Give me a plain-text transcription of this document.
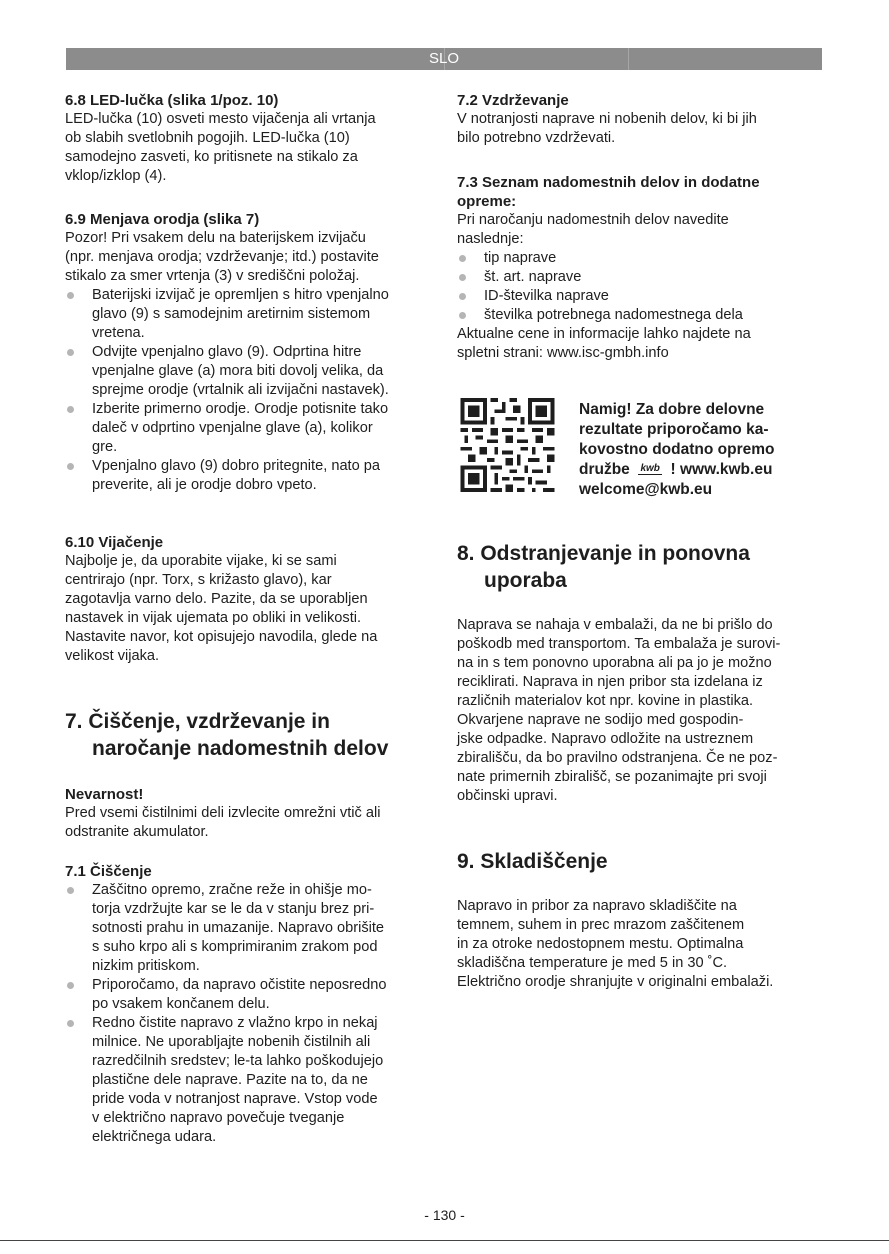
SLO
6.8 LED-lučka (slika 1/poz. 10)

LED-lučka (10) osveti mesto vijačenja ali vrtanja

ob slabih svetlobnih pogojih. LED-lučka (10)

samodejno zasveti, ko pritisnete na stikalo za

vklop/izklop (4).

6.9 Menjava orodja (slika 7)

Pozor! Pri vsakem delu na baterijskem izvijaču

(npr. menjava orodja; vzdrževanje; itd.) postavite

stikalo za smer vrtenja (3) v središčni položaj.

Baterijski izvijač je opremljen s hitro vpenjalno
glavo (9) s samodejnim aretirnim sistemom
vretena.
Odvijte vpenjalno glavo (9). Odprtina hitre
vpenjalne glave (a) mora biti dovolj velika, da
sprejme orodje (vrtalnik ali izvijačni nastavek).
Izberite primerno orodje. Orodje potisnite tako
daleč v odprtino vpenjalne glave (a), kolikor
gre.
Vpenjalno glavo (9) dobro pritegnite, nato pa
preverite, ali je orodje dobro vpeto.
6.10 Vijačenje

Najbolje je, da uporabite vijake, ki se sami

centrirajo (npr. Torx, s križasto glavo), kar

zagotavlja varno delo. Pazite, da se uporabljen

nastavek in vijak ujemata po obliki in velikosti.

Nastavite navor, kot opisujejo navodila, glede na

velikost vijaka.

7. Čiščenje, vzdrževanje in
naročanje nadomestnih delov
Nevarnost!

Pred vsemi čistilnimi deli izvlecite omrežni vtič ali

odstranite akumulator.

7.1 Čiščenje
Zaščitno opremo, zračne reže in ohišje mo-
torja vzdržujte kar se le da v stanju brez pri-
sotnosti prahu in umazanije. Napravo obrišite
s suho krpo ali s komprimiranim zrakom pod
nizkim pritiskom.
Priporočamo, da napravo očistite neposredno
po vsakem končanem delu.
Redno čistite napravo z vlažno krpo in nekaj
milnice. Ne uporabljajte nobenih čistilnih ali
razredčilnih sredstev; le-ta lahko poškodujejo
plastične dele naprave. Pazite na to, da ne
pride voda v notranjost naprave. Vstop vode
v električno napravo povečuje tveganje
električnega udara.
7.2 Vzdrževanje

V notranjosti naprave ni nobenih delov, ki bi jih

bilo potrebno vzdrževati.

7.3 Seznam nadomestnih delov in dodatne
opreme:

Pri naročanju nadomestnih delov navedite

naslednje:

tip naprave
št. art. naprave
ID-številka naprave
številka potrebnega nadomestnega dela

Aktualne cene in informacije lahko najdete na

spletni strani: www.isc-gmbh.info

Namig! Za dobre delovne
rezultate priporočamo ka-
kovostno dodatno opremo
družbe kwb ! www.kwb.eu
welcome@kwb.eu
8. Odstranjevanje in ponovna
uporaba

Naprava se nahaja v embalaži, da ne bi prišlo do

poškodb med transportom. Ta embalaža je surovi-

na in s tem ponovno uporabna ali pa jo je možno

reciklirati. Naprava in njen pribor sta izdelana iz

različnih materialov kot npr. kovine in plastika.

Okvarjene naprave ne sodijo med gospodin-

jske odpadke. Napravo odložite na ustreznem

zbirališču, da bo pravilno odstranjena. Če ne poz-

nate primernih zbirališč, se pozanimajte pri svoji

občinski upravi.

9. Skladiščenje

Napravo in pribor za napravo skladiščite na

temnem, suhem in prec mrazom zaščitenem

in za otroke nedostopnem mestu. Optimalna

skladiščna temperature je med 5 in 30 ˚C.

Električno orodje shranjujte v originalni embalaži.

- 130 -
